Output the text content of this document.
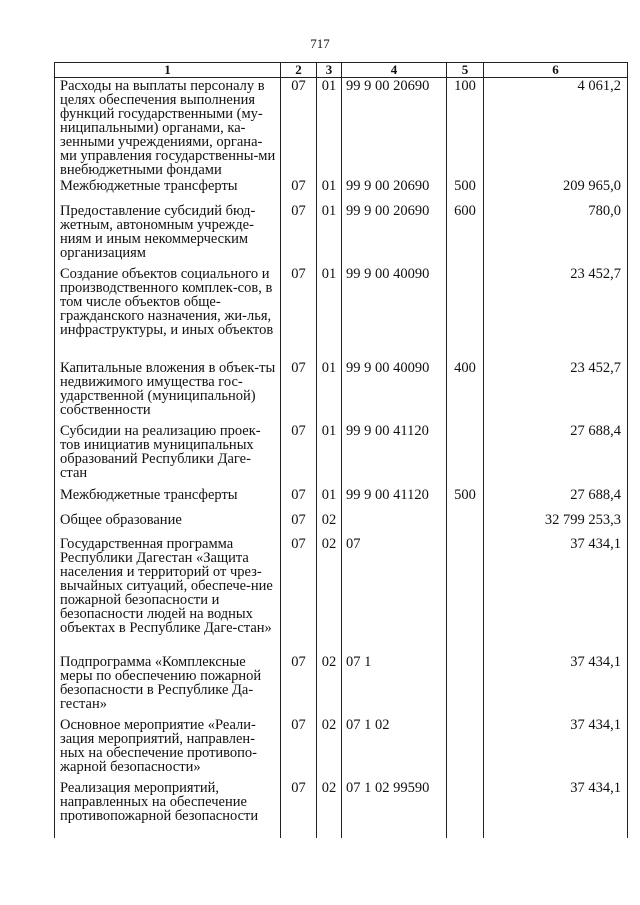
717
1	2	3	4	5	6
Расходы на выплаты персоналу в целях обеспечения выполнения функций государственными (му-ниципальными) органами, ка-зенными учреждениями, органа-ми управления государственны-ми внебюджетными фондами	07	01	99 9 00 20690	100	4 061,2
Межбюджетные трансферты	07	01	99 9 00 20690	500	209 965,0
Предоставление субсидий бюд-жетным, автономным учрежде-ниям и иным некоммерческим организациям	07	01	99 9 00 20690	600	780,0
Создание объектов социального и производственного комплек-сов, в том числе объектов обще-гражданского назначения, жи-лья, инфраструктуры, и иных объектов	07	01	99 9 00 40090		23 452,7
Капитальные вложения в объек-ты недвижимого имущества гос-ударственной (муниципальной) собственности	07	01	99 9 00 40090	400	23 452,7
Субсидии на реализацию проек-тов инициатив муниципальных образований Республики Даге-стан	07	01	99 9 00 41120		27 688,4
Межбюджетные трансферты	07	01	99 9 00 41120	500	27 688,4
Общее образование	07	02			32 799 253,3
Государственная программа Республики Дагестан «Защита населения и территорий от чрез-вычайных ситуаций, обеспече-ние пожарной безопасности и безопасности людей на водных объектах в Республике Даге-стан»	07	02	07		37 434,1
Подпрограмма «Комплексные меры по обеспечению пожарной безопасности в Республике Да-гестан»	07	02	07 1		37 434,1
Основное мероприятие «Реали-зация мероприятий, направлен-ных на обеспечение противопо-жарной безопасности»	07	02	07 1 02		37 434,1
Реализация мероприятий, направленных на обеспечение противопожарной безопасности	07	02	07 1 02 99590		37 434,1
